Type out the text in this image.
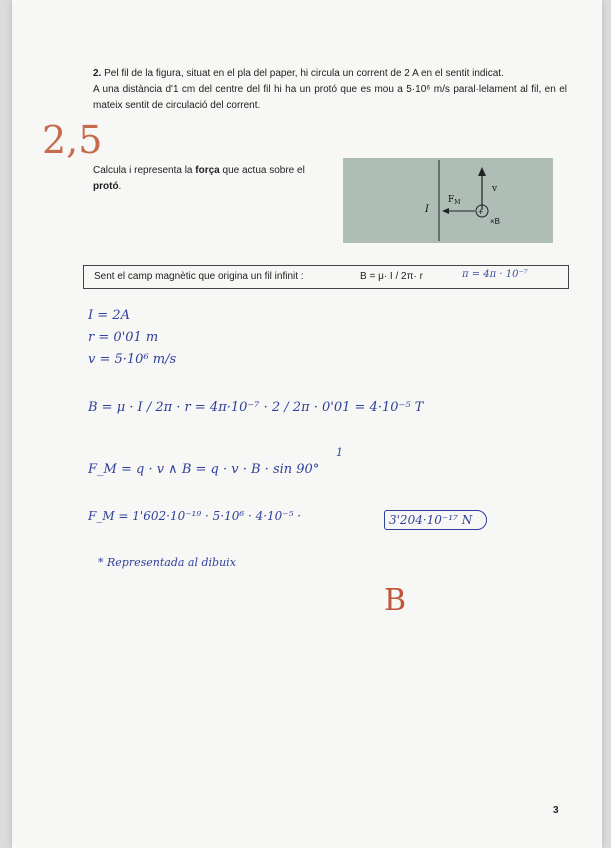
2. Pel fil de la figura, situat en el pla del paper, hi circula un corrent de 2 A en el sentit indicat.
A una distància d'1 cm del centre del fil hi ha un protó que es mou a 5·10⁶ m/s paral·lelament al fil, en el mateix sentit de circulació del corrent.
Calcula i representa la força que actua sobre el protó.
I
v
+
$F_M$
×B
Sent el camp magnètic que origina un fil infinit :	B = μ· I / 2π· r	π = 4π · 10⁻⁷
I = 2A
r = 0'01 m
v = 5·10⁶ m/s
B = μ · I / 2π · r = 4π·10⁻⁷ · 2 / 2π · 0'01 = 4·10⁻⁵ T
1
F_M = q · v ∧ B = q · v · B · sin 90°
F_M = 1'602·10⁻¹⁹ · 5·10⁶ · 4·10⁻⁵ ·	3'204·10⁻¹⁷ N
* Representada al dibuix
B
2,5
3
